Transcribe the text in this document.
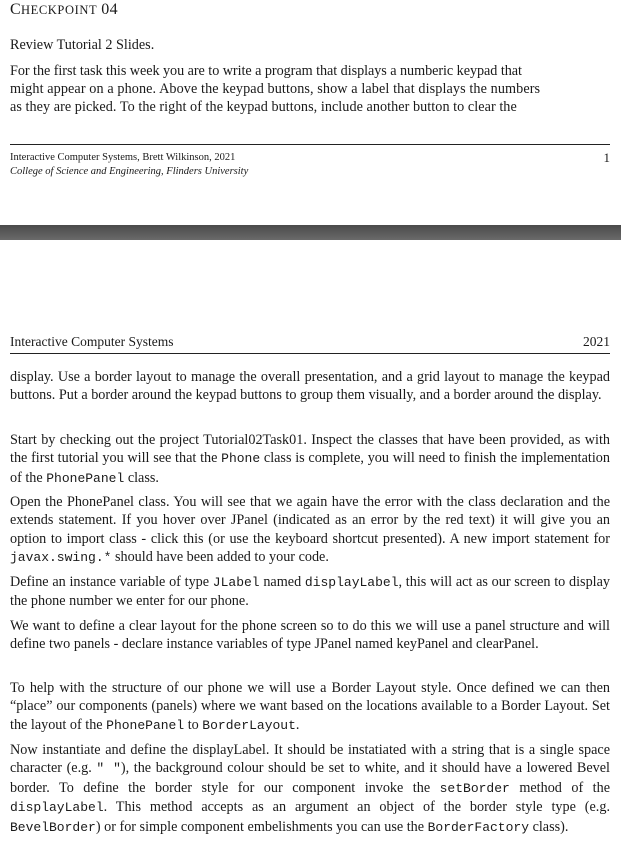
CHECKPOINT 04
Review Tutorial 2 Slides.
For the first task this week you are to write a program that displays a numberic keypad that
might appear on a phone. Above the keypad buttons, show a label that displays the numbers
as they are picked. To the right of the keypad buttons, include another button to clear the
Interactive Computer Systems, Brett Wilkinson, 2021
College of Science and Engineering, Flinders University
1
Interactive Computer Systems	2021

display. Use a border layout to manage the overall presentation, and a grid layout to manage the keypad buttons. Put a border around the keypad buttons to group them visually, and a border around the display.

Start by checking out the project Tutorial02Task01. Inspect the classes that have been provided, as with the first tutorial you will see that the Phone class is complete, you will need to finish the implementation of the PhonePanel class.

Open the PhonePanel class. You will see that we again have the error with the class declaration and the extends statement. If you hover over JPanel (indicated as an error by the red text) it will give you an option to import class - click this (or use the keyboard shortcut presented). A new import statement for javax.swing.* should have been added to your code.

Define an instance variable of type JLabel named displayLabel, this will act as our screen to display the phone number we enter for our phone.

We want to define a clear layout for the phone screen so to do this we will use a panel structure and will define two panels - declare instance variables of type JPanel named keyPanel and clearPanel.

To help with the structure of our phone we will use a Border Layout style. Once defined we can then “place” our components (panels) where we want based on the locations available to a Border Layout. Set the layout of the PhonePanel to BorderLayout.

Now instantiate and define the displayLabel. It should be instatiated with a string that is a single space character (e.g. " "), the background colour should be set to white, and it should have a lowered Bevel border. To define the border style for our component invoke the setBorder method of the displayLabel. This method accepts as an argument an object of the border style type (e.g. BevelBorder) or for simple component embelishments you can use the BorderFactory class).
